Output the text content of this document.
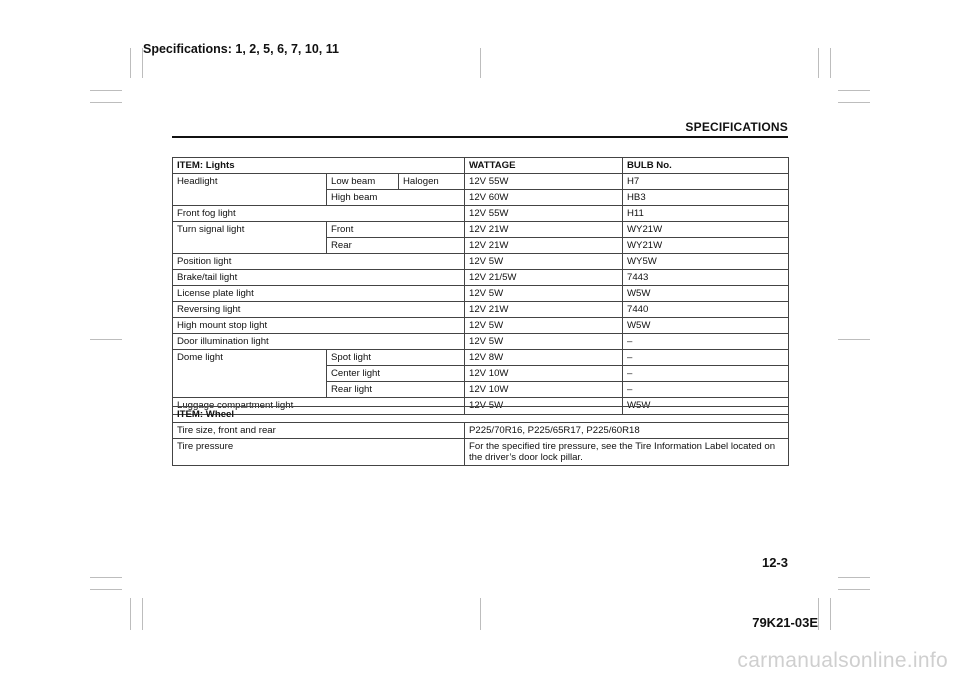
Specifications: 1, 2, 5, 6, 7, 10, 11
SPECIFICATIONS
ITEM: Lights			WATTAGE	BULB No.
Headlight	Low beam	Halogen	12V 55W	H7
	High beam		12V 60W	HB3
Front fog light			12V 55W	H11
Turn signal light	Front		12V 21W	WY21W
	Rear		12V 21W	WY21W
Position light			12V 5W	WY5W
Brake/tail light			12V 21/5W	7443
License plate light			12V 5W	W5W
Reversing light			12V 21W	7440
High mount stop light			12V 5W	W5W
Door illumination light			12V 5W	–
Dome light	Spot light		12V 8W	–
	Center light		12V 10W	–
	Rear light		12V 10W	–
Luggage compartment light			12V 5W	W5W
ITEM: Wheel	
Tire size, front and rear	P225/70R16, P225/65R17, P225/60R18
Tire pressure	For the specified tire pressure, see the Tire Information Label located on the driver’s door lock pillar.
12-3
79K21-03E
carmanualsonline.info
